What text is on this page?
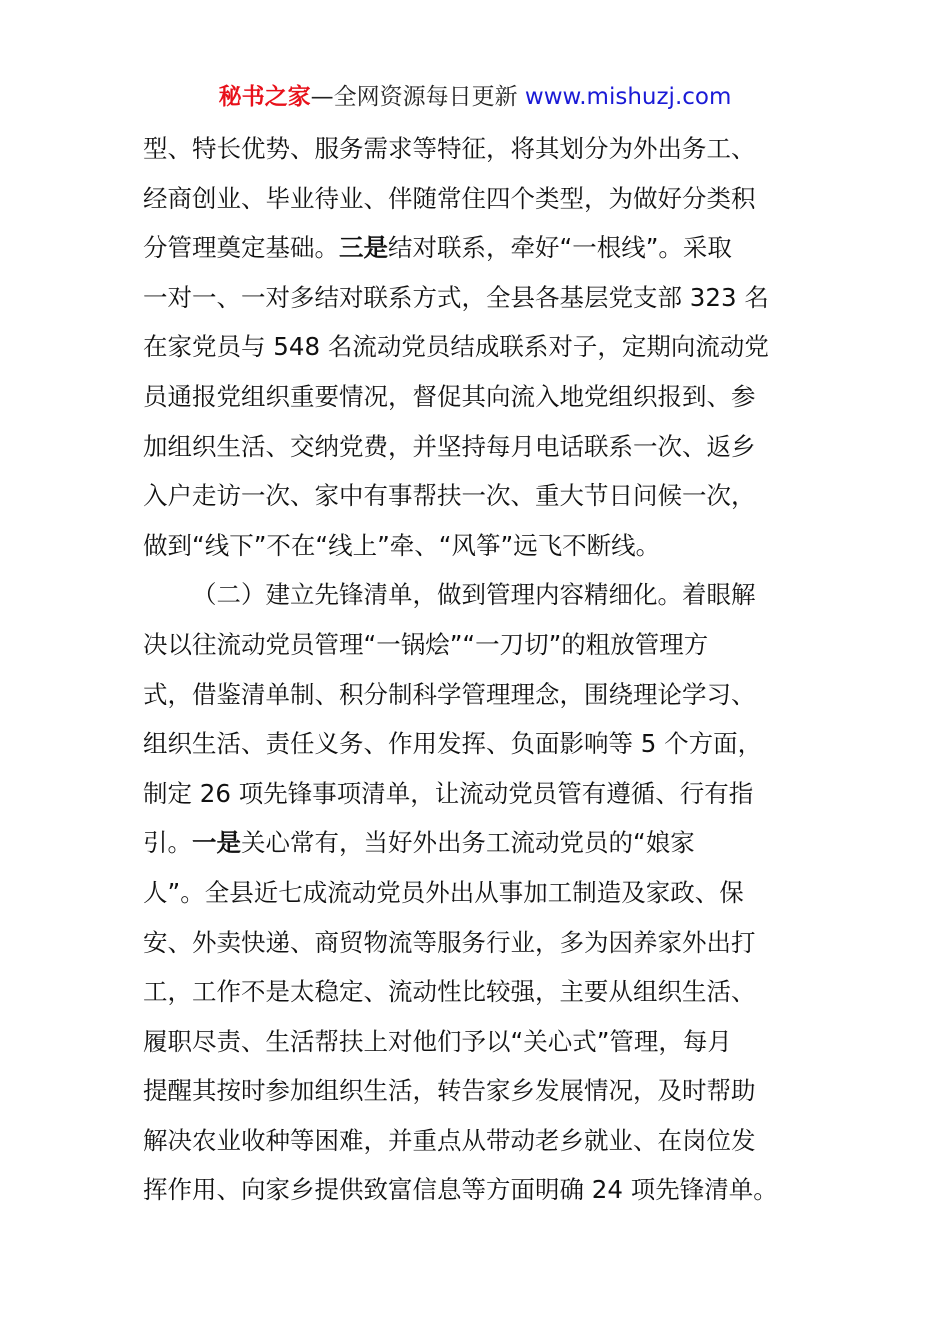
秘书之家—全网资源每日更新 www.mishuzj.com
型、特长优势、服务需求等特征，将其划分为外出务工、
经商创业、毕业待业、伴随常住四个类型，为做好分类积
分管理奠定基础。三是结对联系，牵好“一根线”。采取
一对一、一对多结对联系方式，全县各基层党支部 323 名
在家党员与 548 名流动党员结成联系对子，定期向流动党
员通报党组织重要情况，督促其向流入地党组织报到、参
加组织生活、交纳党费，并坚持每月电话联系一次、返乡
入户走访一次、家中有事帮扶一次、重大节日问候一次，
做到“线下”不在“线上”牵、“风筝”远飞不断线。
（二）建立先锋清单，做到管理内容精细化。着眼解
决以往流动党员管理“一锅烩”“一刀切”的粗放管理方
式，借鉴清单制、积分制科学管理理念，围绕理论学习、
组织生活、责任义务、作用发挥、负面影响等 5 个方面，
制定 26 项先锋事项清单，让流动党员管有遵循、行有指
引。一是关心常有，当好外出务工流动党员的“娘家
人”。全县近七成流动党员外出从事加工制造及家政、保
安、外卖快递、商贸物流等服务行业，多为因养家外出打
工，工作不是太稳定、流动性比较强，主要从组织生活、
履职尽责、生活帮扶上对他们予以“关心式”管理，每月
提醒其按时参加组织生活，转告家乡发展情况，及时帮助
解决农业收种等困难，并重点从带动老乡就业、在岗位发
挥作用、向家乡提供致富信息等方面明确 24 项先锋清单。
